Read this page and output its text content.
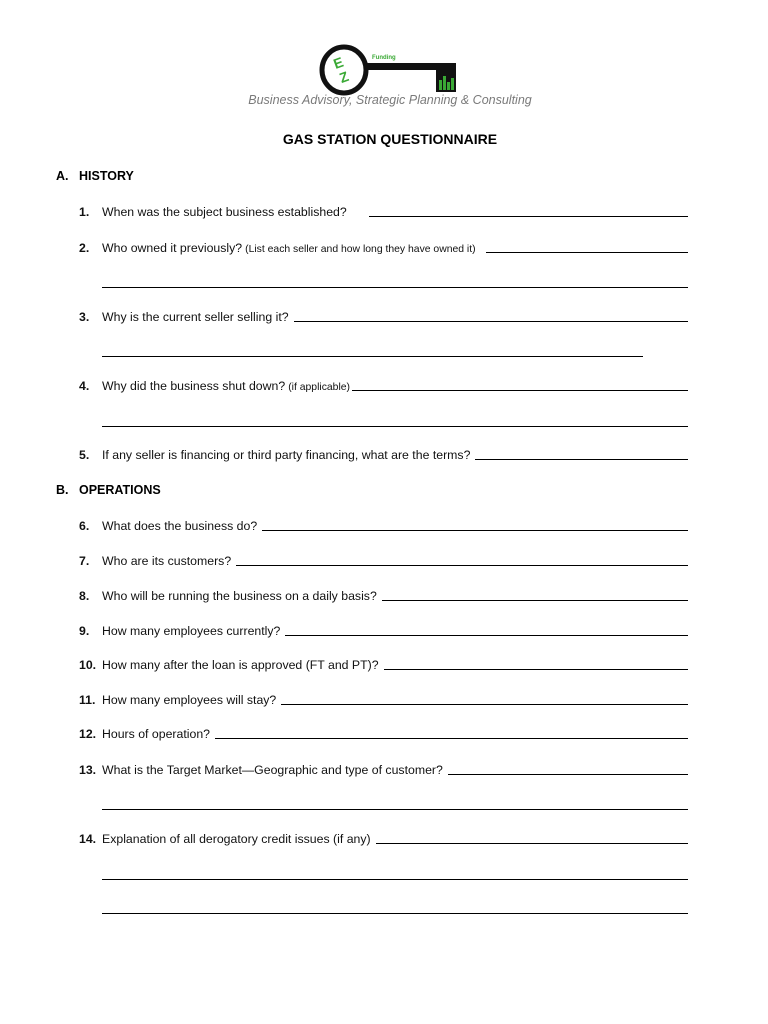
E
Z
Funding
Solutions, LLC
Business Advisory, Strategic Planning & Consulting
GAS STATION QUESTIONNAIRE
A. HISTORY
1.	When was the subject business established?
2.	Who owned it previously? (List each seller and how long they have owned it)
3.	Why is the current seller selling it?
4.	Why did the business shut down? (if applicable)
5.	If any seller is financing or third party financing, what are the terms?
B. OPERATIONS
6.	What does the business do?
7.	Who are its customers?
8.	Who will be running the business on a daily basis?
9.	How many employees currently?
10. How many after the loan is approved (FT and PT)?
11. How many employees will stay?
12. Hours of operation?
13. What is the Target Market—Geographic and type of customer?
14. Explanation of all derogatory credit issues (if any)
